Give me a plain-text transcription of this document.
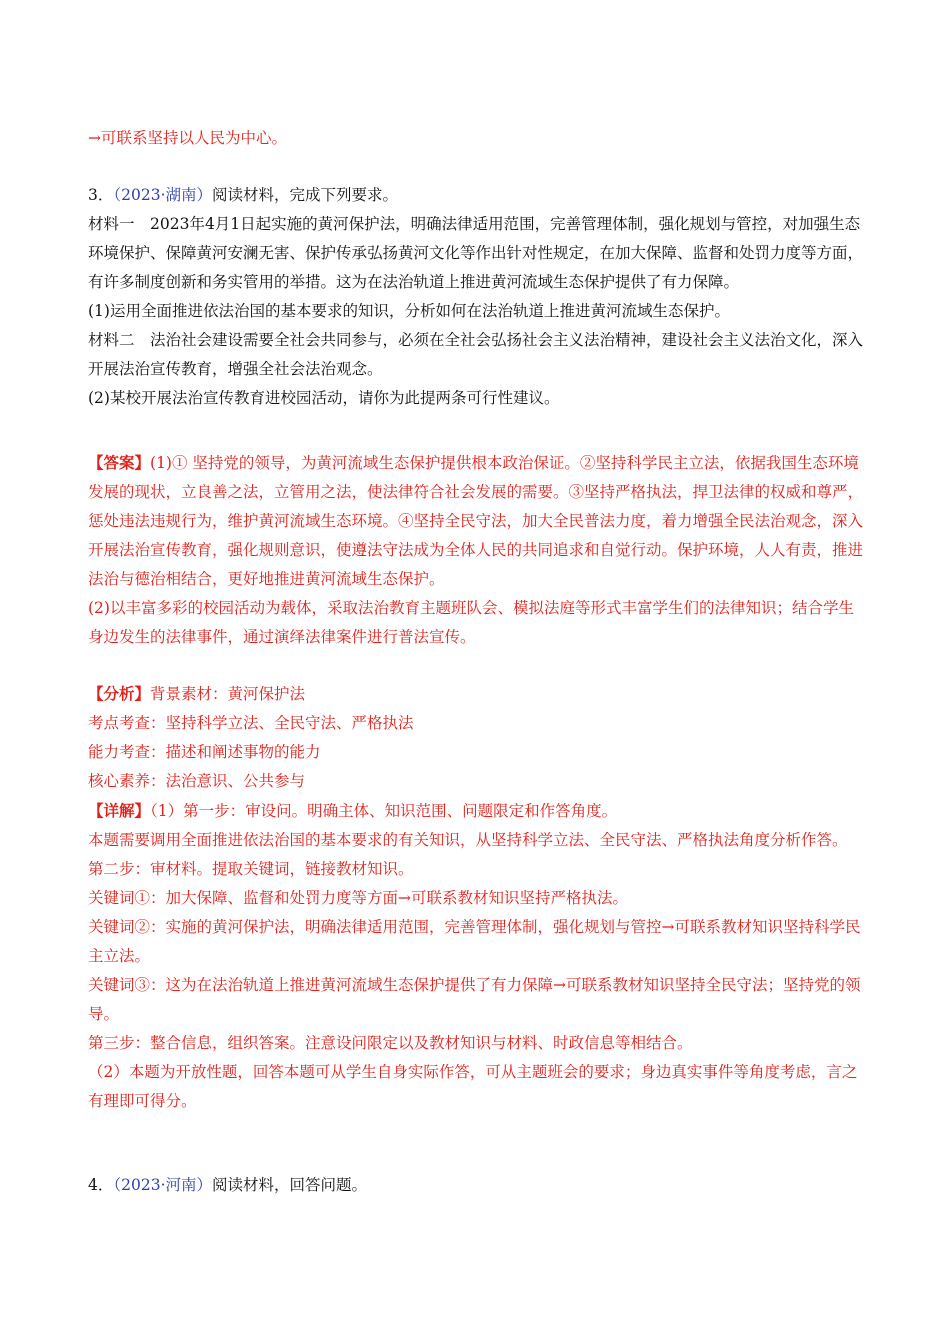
→可联系坚持以人民为中心。

3．（2023·湖南）阅读材料，完成下列要求。

材料一　2023年4月1日起实施的黄河保护法，明确法律适用范围，完善管理体制，强化规划与管控，对加强生态环境保护、保障黄河安澜无害、保护传承弘扬黄河文化等作出针对性规定，在加大保障、监督和处罚力度等方面，有许多制度创新和务实管用的举措。这为在法治轨道上推进黄河流域生态保护提供了有力保障。

(1)运用全面推进依法治国的基本要求的知识，分析如何在法治轨道上推进黄河流域生态保护。

材料二　法治社会建设需要全社会共同参与，必须在全社会弘扬社会主义法治精神，建设社会主义法治文化，深入开展法治宣传教育，增强全社会法治观念。

(2)某校开展法治宣传教育进校园活动，请你为此提两条可行性建议。

【答案】(1)① 坚持党的领导，为黄河流域生态保护提供根本政治保证。②坚持科学民主立法，依据我国生态环境发展的现状，立良善之法，立管用之法，使法律符合社会发展的需要。③坚持严格执法，捍卫法律的权威和尊严，惩处违法违规行为，维护黄河流域生态环境。④坚持全民守法，加大全民普法力度，着力增强全民法治观念，深入开展法治宣传教育，强化规则意识，使遵法守法成为全体人民的共同追求和自觉行动。保护环境，人人有责，推进法治与德治相结合，更好地推进黄河流域生态保护。

(2)以丰富多彩的校园活动为载体，采取法治教育主题班队会、模拟法庭等形式丰富学生们的法律知识；结合学生身边发生的法律事件，通过演绎法律案件进行普法宣传。

【分析】背景素材：黄河保护法

考点考查：坚持科学立法、全民守法、严格执法

能力考查：描述和阐述事物的能力

核心素养：法治意识、公共参与

【详解】（1）第一步：审设问。明确主体、知识范围、问题限定和作答角度。

本题需要调用全面推进依法治国的基本要求的有关知识，从坚持科学立法、全民守法、严格执法角度分析作答。

第二步：审材料。提取关键词，链接教材知识。

关键词①：加大保障、监督和处罚力度等方面→可联系教材知识坚持严格执法。

关键词②：实施的黄河保护法，明确法律适用范围，完善管理体制，强化规划与管控→可联系教材知识坚持科学民主立法。

关键词③：这为在法治轨道上推进黄河流域生态保护提供了有力保障→可联系教材知识坚持全民守法；坚持党的领导。

第三步：整合信息，组织答案。注意设问限定以及教材知识与材料、时政信息等相结合。

（2）本题为开放性题，回答本题可从学生自身实际作答，可从主题班会的要求；身边真实事件等角度考虑，言之有理即可得分。

4．（2023·河南）阅读材料，回答问题。
